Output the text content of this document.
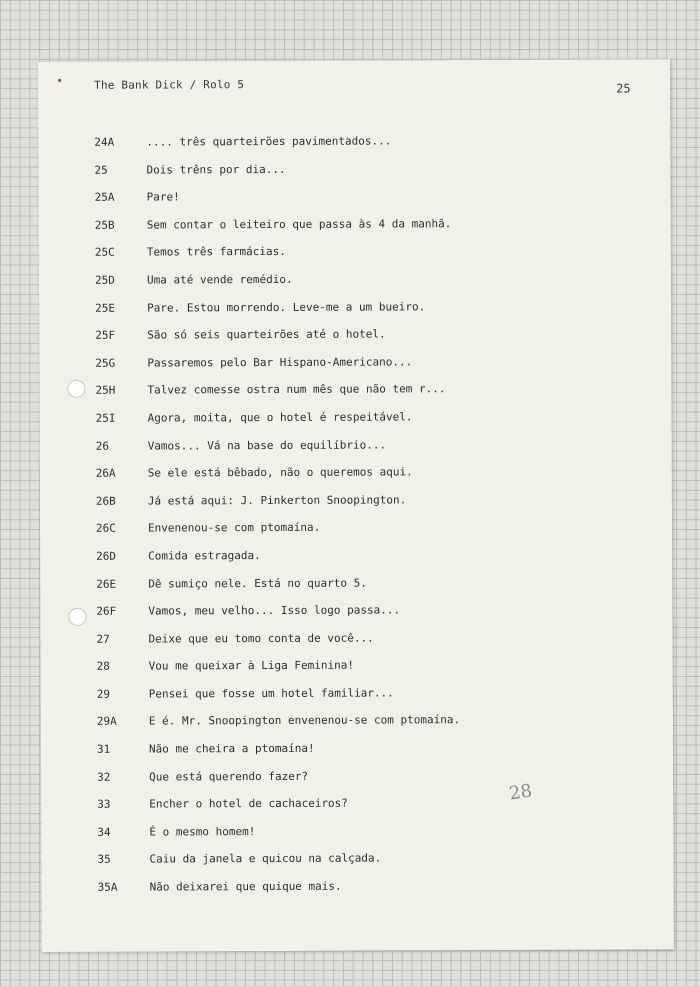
The Bank Dick / Rolo 5	25
24A	.... três quarteirões pavimentados...
25	Dois trêns por dia...
25A	Pare!
25B	Sem contar o leiteiro que passa às 4 da manhã.
25C	Temos três farmácias.
25D	Uma até vende remédio.
25E	Pare. Estou morrendo. Leve-me a um bueiro.
25F	São só seis quarteirões até o hotel.
25G	Passaremos pelo Bar Hispano-Americano...
25H	Talvez comesse ostra num mês que não tem r...
25I	Agora, moita, que o hotel é respeitável.
26	Vamos... Vá na base do equilíbrio...
26A	Se ele está bêbado, não o queremos aqui.
26B	Já está aqui: J. Pinkerton Snoopington.
26C	Envenenou-se com ptomaína.
26D	Comida estragada.
26E	Dê sumiço nele. Está no quarto 5.
26F	Vamos, meu velho... Isso logo passa...
27	Deixe que eu tomo conta de você...
28	Vou me queixar à Liga Feminina!
29	Pensei que fosse um hotel familiar...
29A	E é. Mr. Snoopington envenenou-se com ptomaína.
31	Não me cheira a ptomaína!
32	Que está querendo fazer?
33	Encher o hotel de cachaceiros?
34	É o mesmo homem!
35	Caiu da janela e quicou na calçada.
35A	Não deixarei que quique mais.
28
